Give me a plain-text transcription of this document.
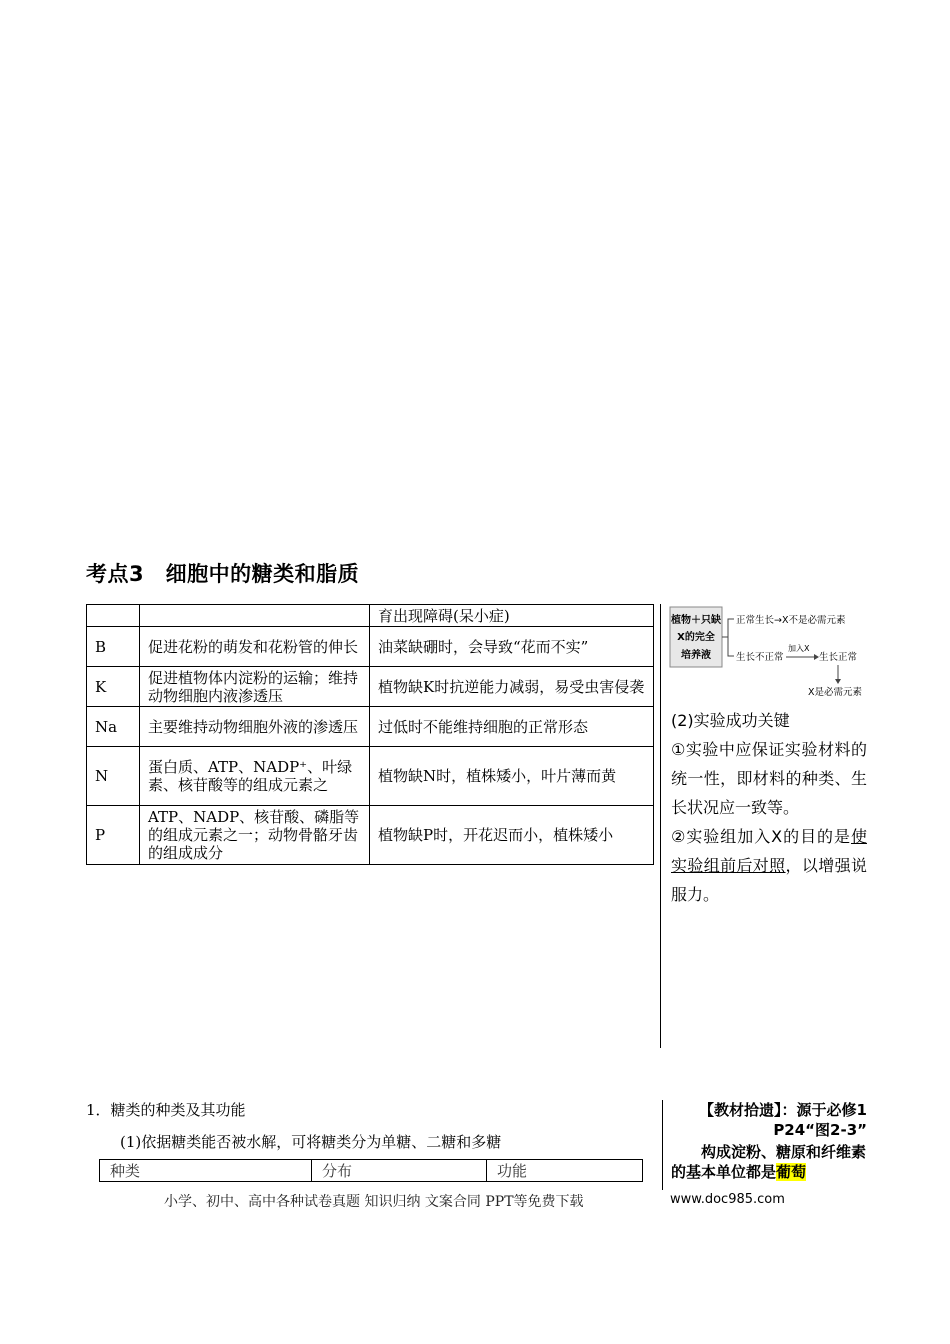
考点3　细胞中的糖类和脂质
		育出现障碍(呆小症)
B	促进花粉的萌发和花粉管的伸长	油菜缺硼时，会导致“花而不实”
K	促进植物体内淀粉的运输；维持动物细胞内液渗透压	植物缺K时抗逆能力减弱，易受虫害侵袭
Na	主要维持动物细胞外液的渗透压	过低时不能维持细胞的正常形态
N	蛋白质、ATP、NADP⁺、叶绿素、核苷酸等的组成元素之	植物缺N时，植株矮小，叶片薄而黄
P	ATP、NADP、核苷酸、磷脂等的组成元素之一；动物骨骼牙齿的组成成分	植物缺P时，开花迟而小，植株矮小
植物＋只缺
X的完全
培养液
正常生长→X不是必需元素
生长不正常
加入X
生长正常
X是必需元素

(2)实验成功关键

①实验中应保证实验材料的统一性，即材料的种类、生长状况应一致等。

②实验组加入X的目的是使实验组前后对照，以增强说服力。

1．糖类的种类及其功能
(1)依据糖类能否被水解，可将糖类分为单糖、二糖和多糖
种类	分布	功能
【教材拾遗】：源于必修1 P24“图2-3”
构成淀粉、糖原和纤维素的基本单位都是葡萄
小学、初中、高中各种试卷真题 知识归纳 文案合同 PPT等免费下载	www.doc985.com
